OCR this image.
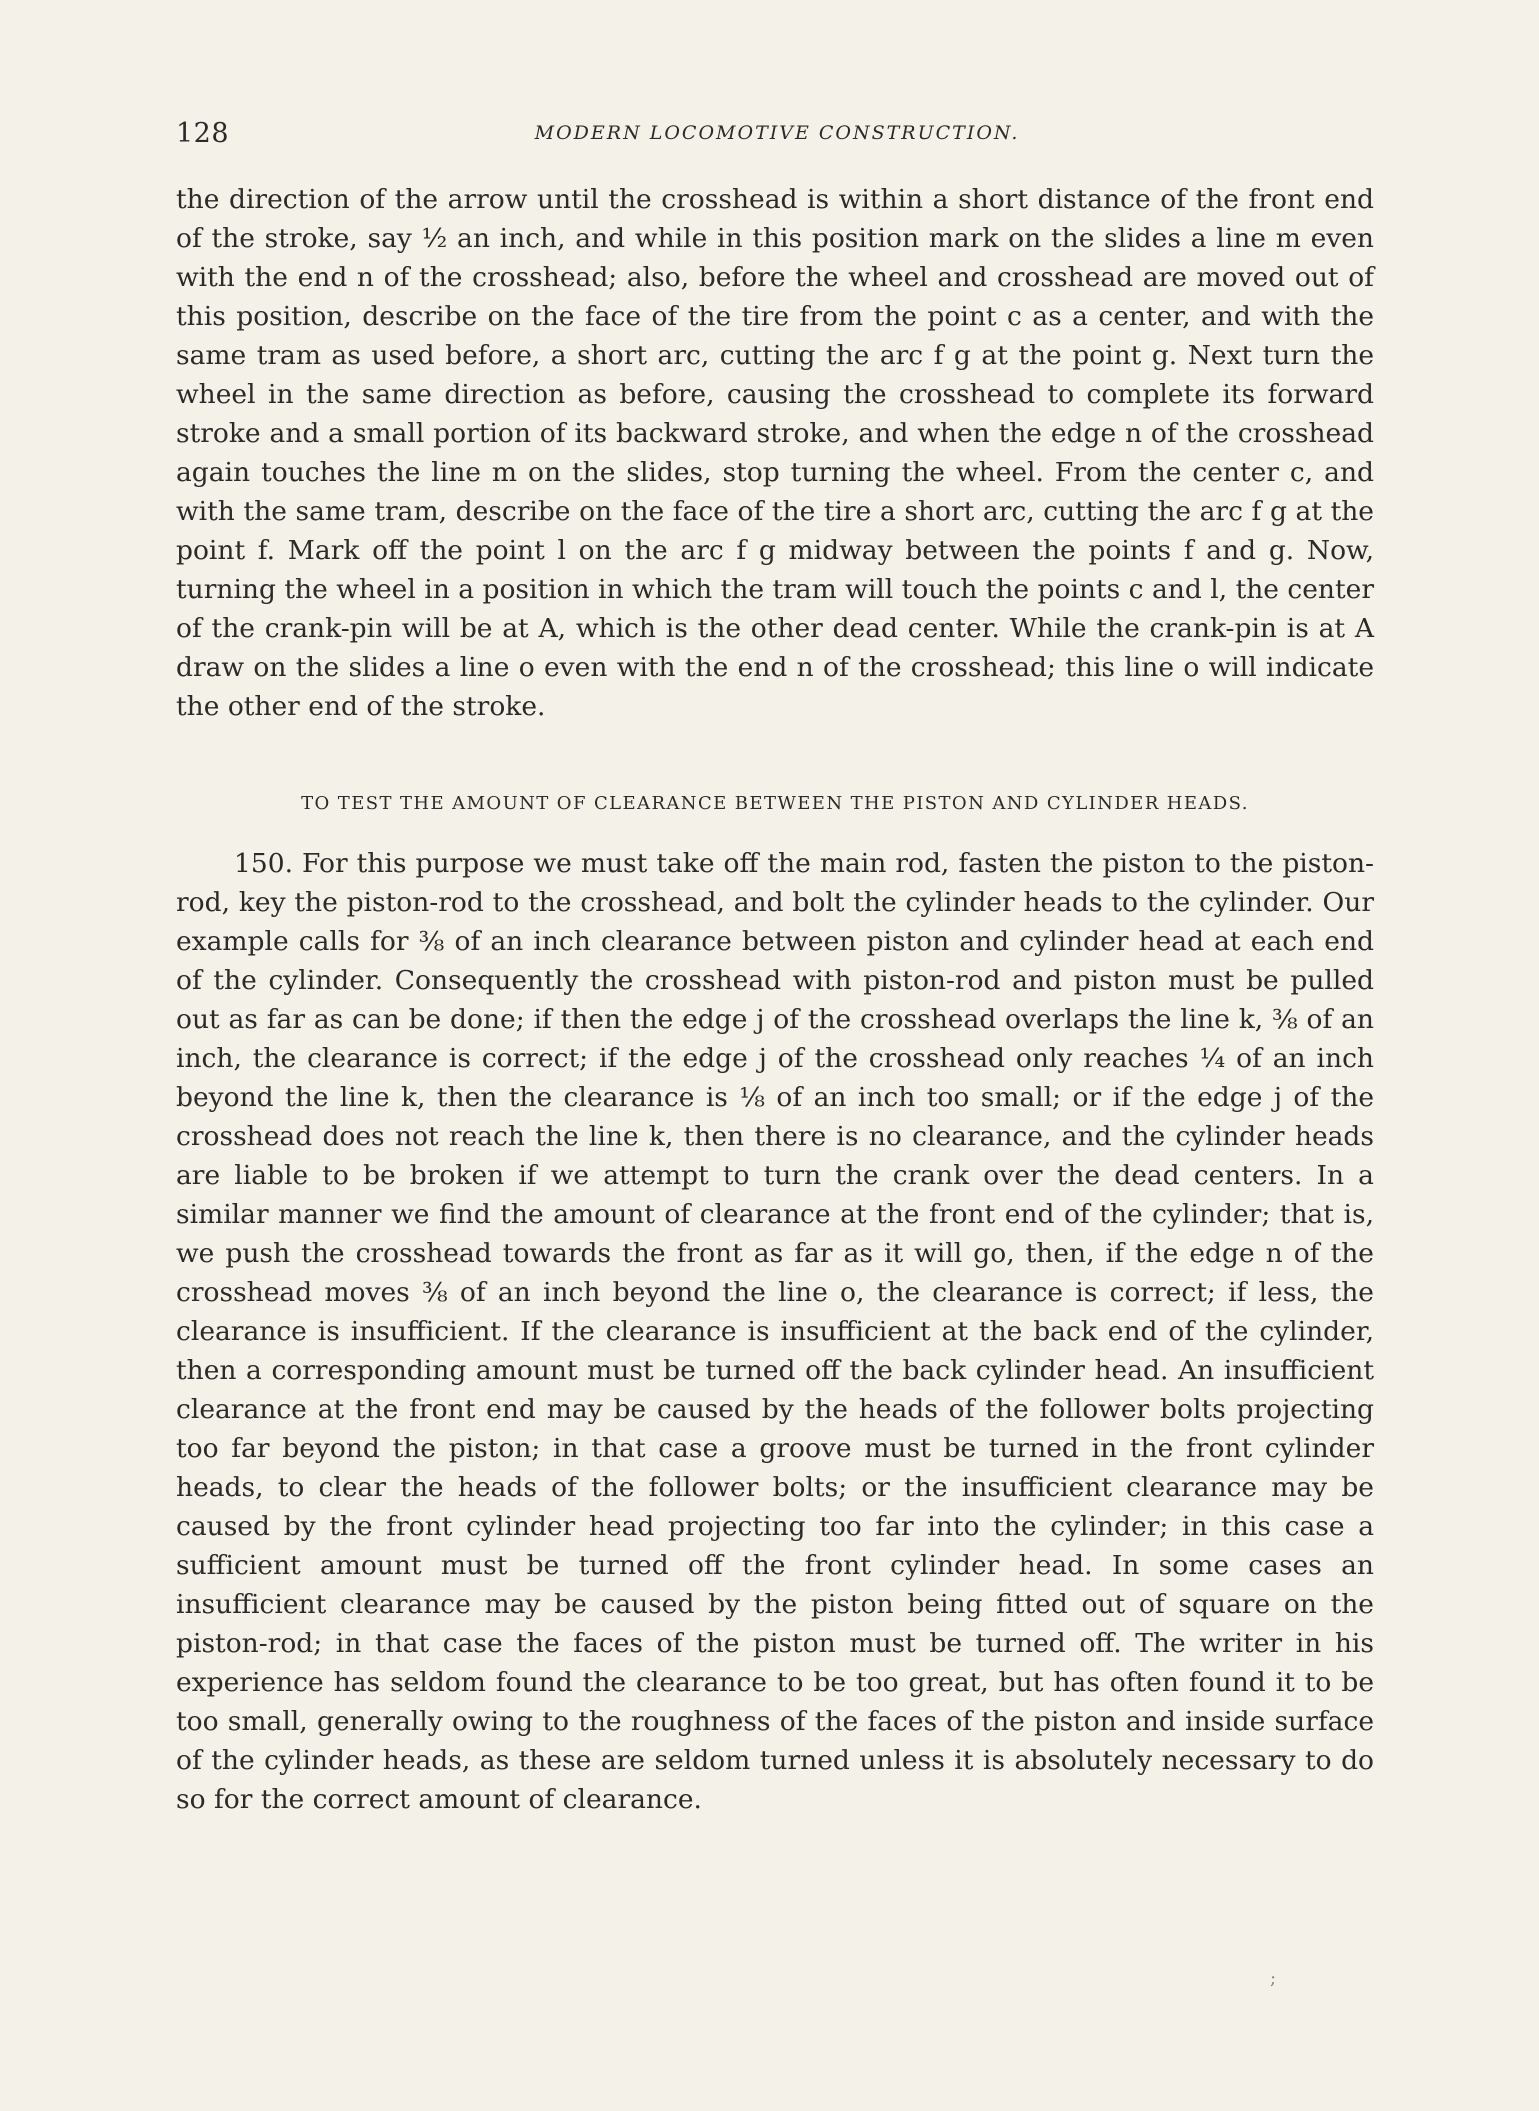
128	MODERN LOCOMOTIVE CONSTRUCTION.

the direction of the arrow until the crosshead is within a short distance of the front end of the stroke, say ½ an inch, and while in this position mark on the slides a line m even with the end n of the crosshead; also, before the wheel and crosshead are moved out of this position, describe on the face of the tire from the point c as a center, and with the same tram as used before, a short arc, cutting the arc f g at the point g. Next turn the wheel in the same direction as before, causing the crosshead to complete its forward stroke and a small portion of its backward stroke, and when the edge n of the crosshead again touches the line m on the slides, stop turning the wheel. From the center c, and with the same tram, describe on the face of the tire a short arc, cutting the arc f g at the point f. Mark off the point l on the arc f g midway between the points f and g. Now, turning the wheel in a position in which the tram will touch the points c and l, the center of the crank-pin will be at A, which is the other dead center. While the crank-pin is at A draw on the slides a line o even with the end n of the crosshead; this line o will indicate the other end of the stroke.

TO TEST THE AMOUNT OF CLEARANCE BETWEEN THE PISTON AND CYLINDER HEADS.

150. For this purpose we must take off the main rod, fasten the piston to the piston-rod, key the piston-rod to the crosshead, and bolt the cylinder heads to the cylinder. Our example calls for ⅜ of an inch clearance between piston and cylinder head at each end of the cylinder. Consequently the crosshead with piston-rod and piston must be pulled out as far as can be done; if then the edge j of the crosshead overlaps the line k, ⅜ of an inch, the clearance is correct; if the edge j of the crosshead only reaches ¼ of an inch beyond the line k, then the clearance is ⅛ of an inch too small; or if the edge j of the crosshead does not reach the line k, then there is no clearance, and the cylinder heads are liable to be broken if we attempt to turn the crank over the dead centers. In a similar manner we find the amount of clearance at the front end of the cylinder; that is, we push the crosshead towards the front as far as it will go, then, if the edge n of the crosshead moves ⅜ of an inch beyond the line o, the clearance is correct; if less, the clearance is insufficient. If the clearance is insufficient at the back end of the cylinder, then a corresponding amount must be turned off the back cylinder head. An insufficient clearance at the front end may be caused by the heads of the follower bolts projecting too far beyond the piston; in that case a groove must be turned in the front cylinder heads, to clear the heads of the follower bolts; or the insufficient clearance may be caused by the front cylinder head projecting too far into the cylinder; in this case a sufficient amount must be turned off the front cylinder head. In some cases an insufficient clearance may be caused by the piston being fitted out of square on the piston-rod; in that case the faces of the piston must be turned off. The writer in his experience has seldom found the clearance to be too great, but has often found it to be too small, generally owing to the roughness of the faces of the piston and inside surface of the cylinder heads, as these are seldom turned unless it is absolutely necessary to do so for the correct amount of clearance.

;
